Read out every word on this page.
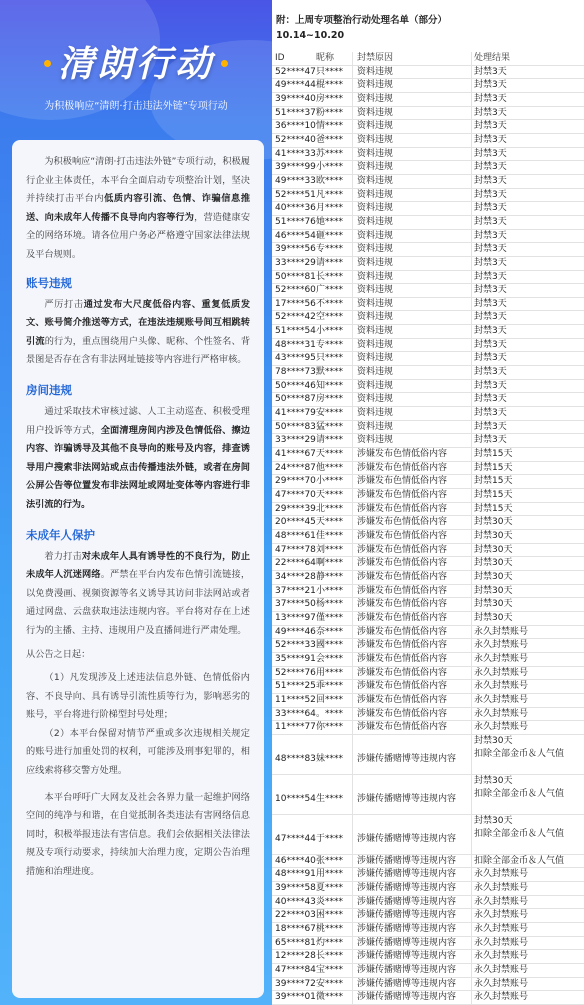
清朗行动
为积极响应“清朗·打击违法外链”专项行动

为积极响应“清朗·打击违法外链”专项行动，积极履行企业主体责任，本平台全面启动专项整治计划，坚决并持续打击平台内低质内容引流、色情、诈骗信息推送、向未成年人传播不良导向内容等行为，营造健康安全的网络环境。请各位用户务必严格遵守国家法律法规及平台规则。

账号违规

严厉打击通过发布大尺度低俗内容、重复低质发文、账号简介推送等方式，在违法违规账号间互相跳转引流的行为，重点围绕用户头像、昵称、个性签名、背景图是否存在含有非法网址链接等内容进行严格审核。

房间违规

通过采取技术审核过滤、人工主动巡查、积极受理用户投诉等方式，全面清理房间内涉及色情低俗、擦边内容、诈骗诱导及其他不良导向的账号及内容，排查诱导用户搜索非法网站或点击传播违法外链，或者在房间公屏公告等位置发布非法网址或网址变体等内容进行非法引流的行为。

未成年人保护

着力打击对未成年人具有诱导性的不良行为，防止未成年人沉迷网络。严禁在平台内发布色情引流链接，以免费漫画、视频资源等名义诱导其访问非法网站或者通过网盘、云盘获取违法违规内容。平台将对存在上述行为的主播、主持、违规用户及直播间进行严肃处理。

从公告之日起：

（1）凡发现涉及上述违法信息外链、色情低俗内容、不良导向、具有诱导引流性质等行为，影响恶劣的账号，平台将进行阶梯型封号处理；

（2）本平台保留对情节严重或多次违规相关规定的账号进行加重处罚的权利，可能涉及刑事犯罪的，相应线索将移交警方处理。

本平台呼吁广大网友及社会各界力量一起维护网络空间的纯净与和谐，在自觉抵制各类违法有害网络信息同时，积极举报违法有害信息。我们会依据相关法律法规及专项行动要求，持续加大治理力度，定期公告治理措施和治理进度。

附：上周专项整治行动处理名单（部分）
10.14~10.20
ID	昵称	封禁原因	处理结果
52****47 只****	资料违规	封禁3天
49****44 棍****	资料违规	封禁3天
39****40 房****	资料违规	封禁3天
51****37 粉****	资料违规	封禁3天
36****10 情****	资料违规	封禁3天
52****40 爸****	资料违规	封禁3天
41****33 苏****	资料违规	封禁3天
39****99 小****	资料违规	封禁3天
49****33 欧****	资料违规	封禁3天
52****51 凡****	资料违规	封禁3天
40****36 月****	资料违规	封禁3天
51****76 她****	资料违规	封禁3天
46****54 砸****	资料违规	封禁3天
39****56 专****	资料违规	封禁3天
33****29 请****	资料违规	封禁3天
50****81 长****	资料违规	封禁3天
52****60 广****	资料违规	封禁3天
17****56 不****	资料违规	封禁3天
52****42 空****	资料违规	封禁3天
51****54 小****	资料违规	封禁3天
48****31 专****	资料违规	封禁3天
43****95 只****	资料违规	封禁3天
78****73 默****	资料违规	封禁3天
50****46 知****	资料违规	封禁3天
50****87 房****	资料违规	封禁3天
41****79 安****	资料违规	封禁3天
50****83 猛****	资料违规	封禁3天
33****29 请****	资料违规	封禁3天
41****67 天****	涉嫌发布色情低俗内容	封禁15天
24****87 他****	涉嫌发布色情低俗内容	封禁15天
29****70 小****	涉嫌发布色情低俗内容	封禁15天
47****70 天****	涉嫌发布色情低俗内容	封禁15天
29****39 北****	涉嫌发布色情低俗内容	封禁15天
20****45 天****	涉嫌发布色情低俗内容	封禁30天
48****61 佳****	涉嫌发布色情低俗内容	封禁30天
47****78 刘****	涉嫌发布色情低俗内容	封禁30天
22****64 啊****	涉嫌发布色情低俗内容	封禁30天
34****28 静****	涉嫌发布色情低俗内容	封禁30天
37****21 小****	涉嫌发布色情低俗内容	封禁30天
37****50 杨****	涉嫌发布色情低俗内容	封禁30天
13****97 僅****	涉嫌发布色情低俗内容	封禁30天
49****46 奈****	涉嫌发布色情低俗内容	永久封禁账号
52****33 國****	涉嫌发布色情低俗内容	永久封禁账号
35****91 会****	涉嫌发布色情低俗内容	永久封禁账号
52****76 用****	涉嫌发布色情低俗内容	永久封禁账号
51****25 乖****	涉嫌发布色情低俗内容	永久封禁账号
11****52 回****	涉嫌发布色情低俗内容	永久封禁账号
33****64 。****	涉嫌发布色情低俗内容	永久封禁账号
11****77 你****	涉嫌发布色情低俗内容	永久封禁账号
48****83 妹****	涉嫌传播赌博等违规内容
封禁30天
扣除全部金币＆人气值
10****54 生****	涉嫌传播赌博等违规内容
封禁30天
扣除全部金币＆人气值
47****44 于****	涉嫌传播赌博等违规内容
封禁30天
扣除全部金币＆人气值
46****40 张****	涉嫌传播赌博等违规内容	扣除全部金币＆人气值
48****91 用****	涉嫌传播赌博等违规内容	永久封禁账号
39****58 夏****	涉嫌传播赌博等违规内容	永久封禁账号
40****43 炎****	涉嫌传播赌博等违规内容	永久封禁账号
22****03 困****	涉嫌传播赌博等违规内容	永久封禁账号
18****67 桃****	涉嫌传播赌博等违规内容	永久封禁账号
65****81 灼****	涉嫌传播赌博等违规内容	永久封禁账号
12****28 长****	涉嫌传播赌博等违规内容	永久封禁账号
47****84 宝****	涉嫌传播赌博等违规内容	永久封禁账号
39****72 安****	涉嫌传播赌博等违规内容	永久封禁账号
39****01 微****	涉嫌传播赌博等违规内容	永久封禁账号
